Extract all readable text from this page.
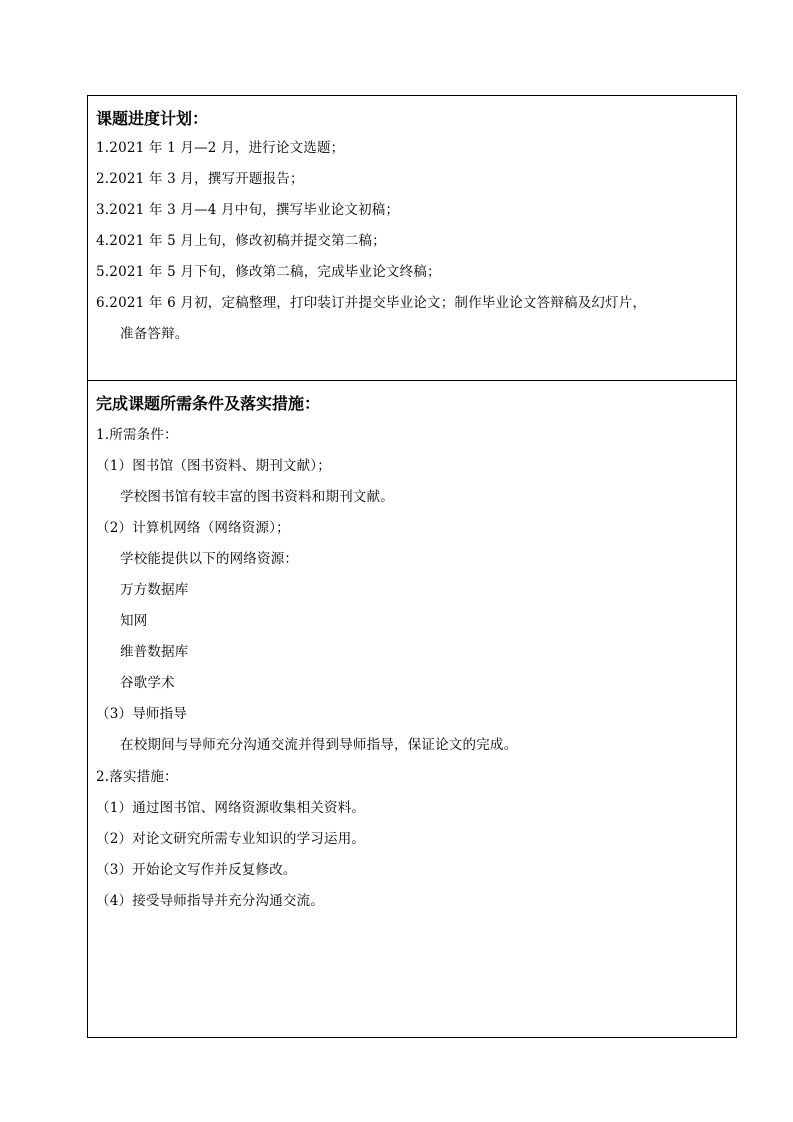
课题进度计划：
1.2021 年 1 月—2 月，进行论文选题；
2.2021 年 3 月，撰写开题报告；
3.2021 年 3 月—4 月中旬，撰写毕业论文初稿；
4.2021 年 5 月上旬，修改初稿并提交第二稿；
5.2021 年 5 月下旬，修改第二稿，完成毕业论文终稿；
6.2021 年 6 月初，定稿整理，打印装订并提交毕业论文；制作毕业论文答辩稿及幻灯片，
准备答辩。
完成课题所需条件及落实措施：
1.所需条件：
（1）图书馆（图书资料、期刊文献）；
学校图书馆有较丰富的图书资料和期刊文献。
（2）计算机网络（网络资源）；
学校能提供以下的网络资源：
万方数据库
知网
维普数据库
谷歌学术
（3）导师指导
在校期间与导师充分沟通交流并得到导师指导，保证论文的完成。
2.落实措施：
（1）通过图书馆、网络资源收集相关资料。
（2）对论文研究所需专业知识的学习运用。
（3）开始论文写作并反复修改。
（4）接受导师指导并充分沟通交流。
